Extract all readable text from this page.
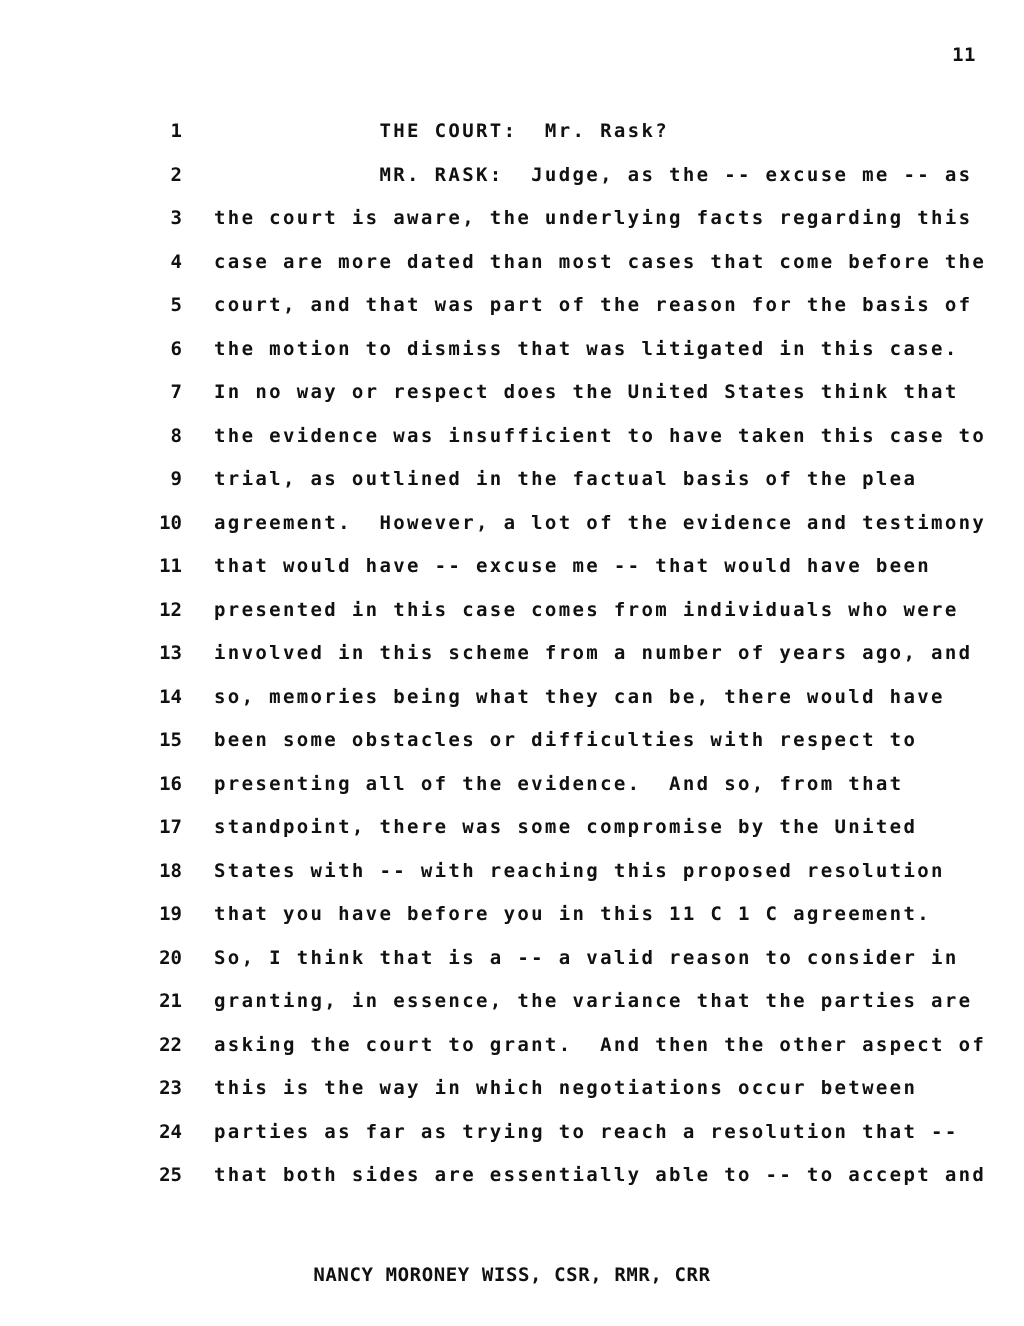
11
1 THE COURT:  Mr. Rask?
2 MR. RASK:  Judge, as the -- excuse me -- as
3 the court is aware, the underlying facts regarding this
4 case are more dated than most cases that come before the
5 court, and that was part of the reason for the basis of
6 the motion to dismiss that was litigated in this case.
7 In no way or respect does the United States think that
8 the evidence was insufficient to have taken this case to
9 trial, as outlined in the factual basis of the plea
10 agreement.  However, a lot of the evidence and testimony
11 that would have -- excuse me -- that would have been
12 presented in this case comes from individuals who were
13 involved in this scheme from a number of years ago, and
14 so, memories being what they can be, there would have
15 been some obstacles or difficulties with respect to
16 presenting all of the evidence.  And so, from that
17 standpoint, there was some compromise by the United
18 States with -- with reaching this proposed resolution
19 that you have before you in this 11 C 1 C agreement.
20 So, I think that is a -- a valid reason to consider in
21 granting, in essence, the variance that the parties are
22 asking the court to grant.  And then the other aspect of
23 this is the way in which negotiations occur between
24 parties as far as trying to reach a resolution that --
25 that both sides are essentially able to -- to accept and
NANCY MORONEY WISS, CSR, RMR, CRR
